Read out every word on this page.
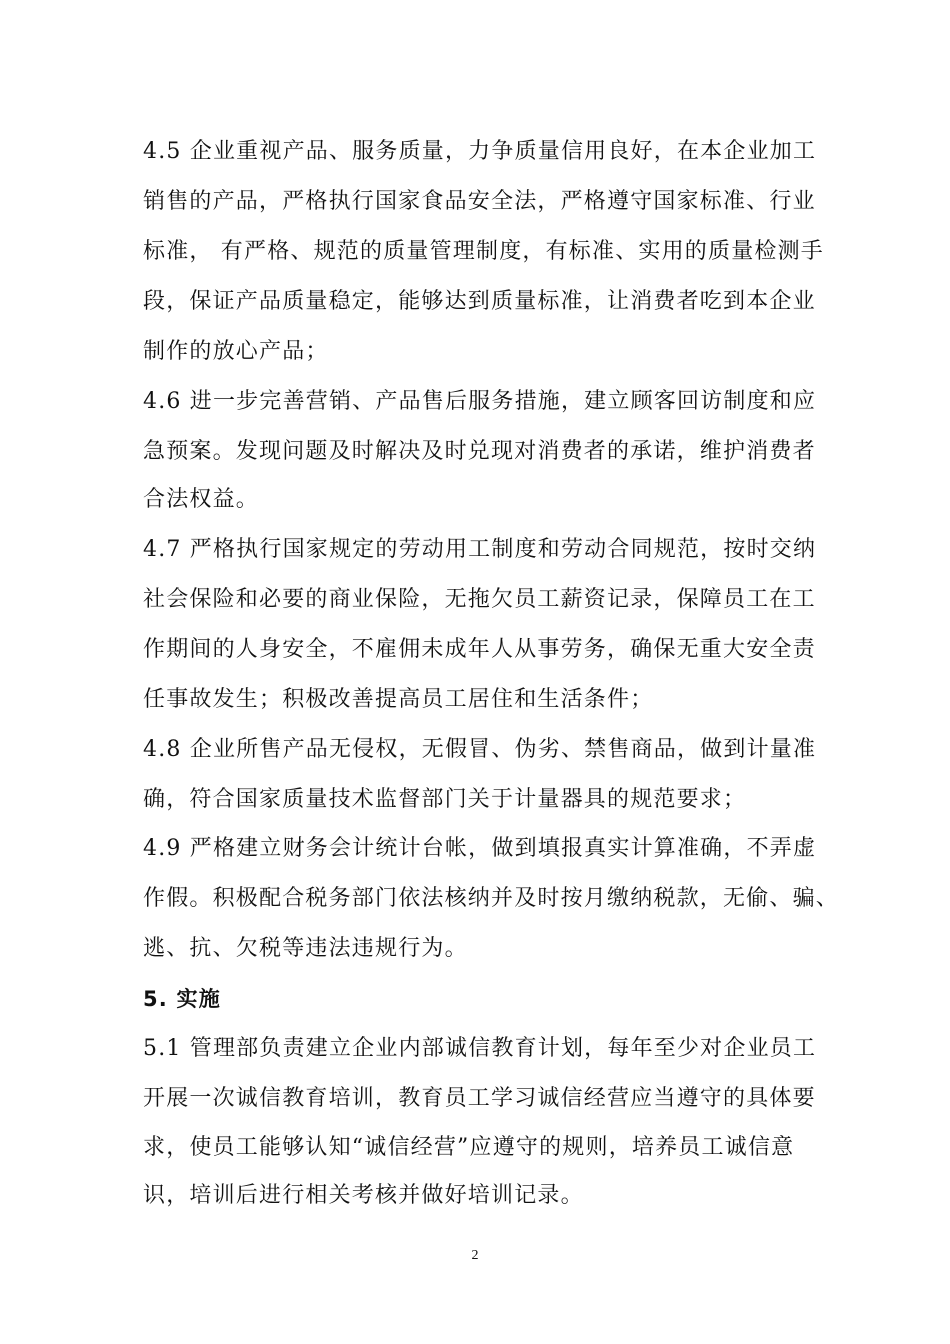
4.5 企业重视产品、服务质量，力争质量信用良好，在本企业加工
销售的产品，严格执行国家食品安全法，严格遵守国家标准、行业
标准， 有严格、规范的质量管理制度，有标准、实用的质量检测手
段，保证产品质量稳定，能够达到质量标准，让消费者吃到本企业
制作的放心产品；
4.6 进一步完善营销、产品售后服务措施，建立顾客回访制度和应
急预案。发现问题及时解决及时兑现对消费者的承诺，维护消费者
合法权益。
4.7 严格执行国家规定的劳动用工制度和劳动合同规范，按时交纳
社会保险和必要的商业保险，无拖欠员工薪资记录，保障员工在工
作期间的人身安全，不雇佣未成年人从事劳务，确保无重大安全责
任事故发生；积极改善提高员工居住和生活条件；
4.8 企业所售产品无侵权，无假冒、伪劣、禁售商品，做到计量准
确，符合国家质量技术监督部门关于计量器具的规范要求；
4.9 严格建立财务会计统计台帐，做到填报真实计算准确，不弄虚
作假。积极配合税务部门依法核纳并及时按月缴纳税款，无偷、骗、
逃、抗、欠税等违法违规行为。
5. 实施
5.1 管理部负责建立企业内部诚信教育计划，每年至少对企业员工
开展一次诚信教育培训，教育员工学习诚信经营应当遵守的具体要
求，使员工能够认知“诚信经营”应遵守的规则，培养员工诚信意
识，培训后进行相关考核并做好培训记录。
2
